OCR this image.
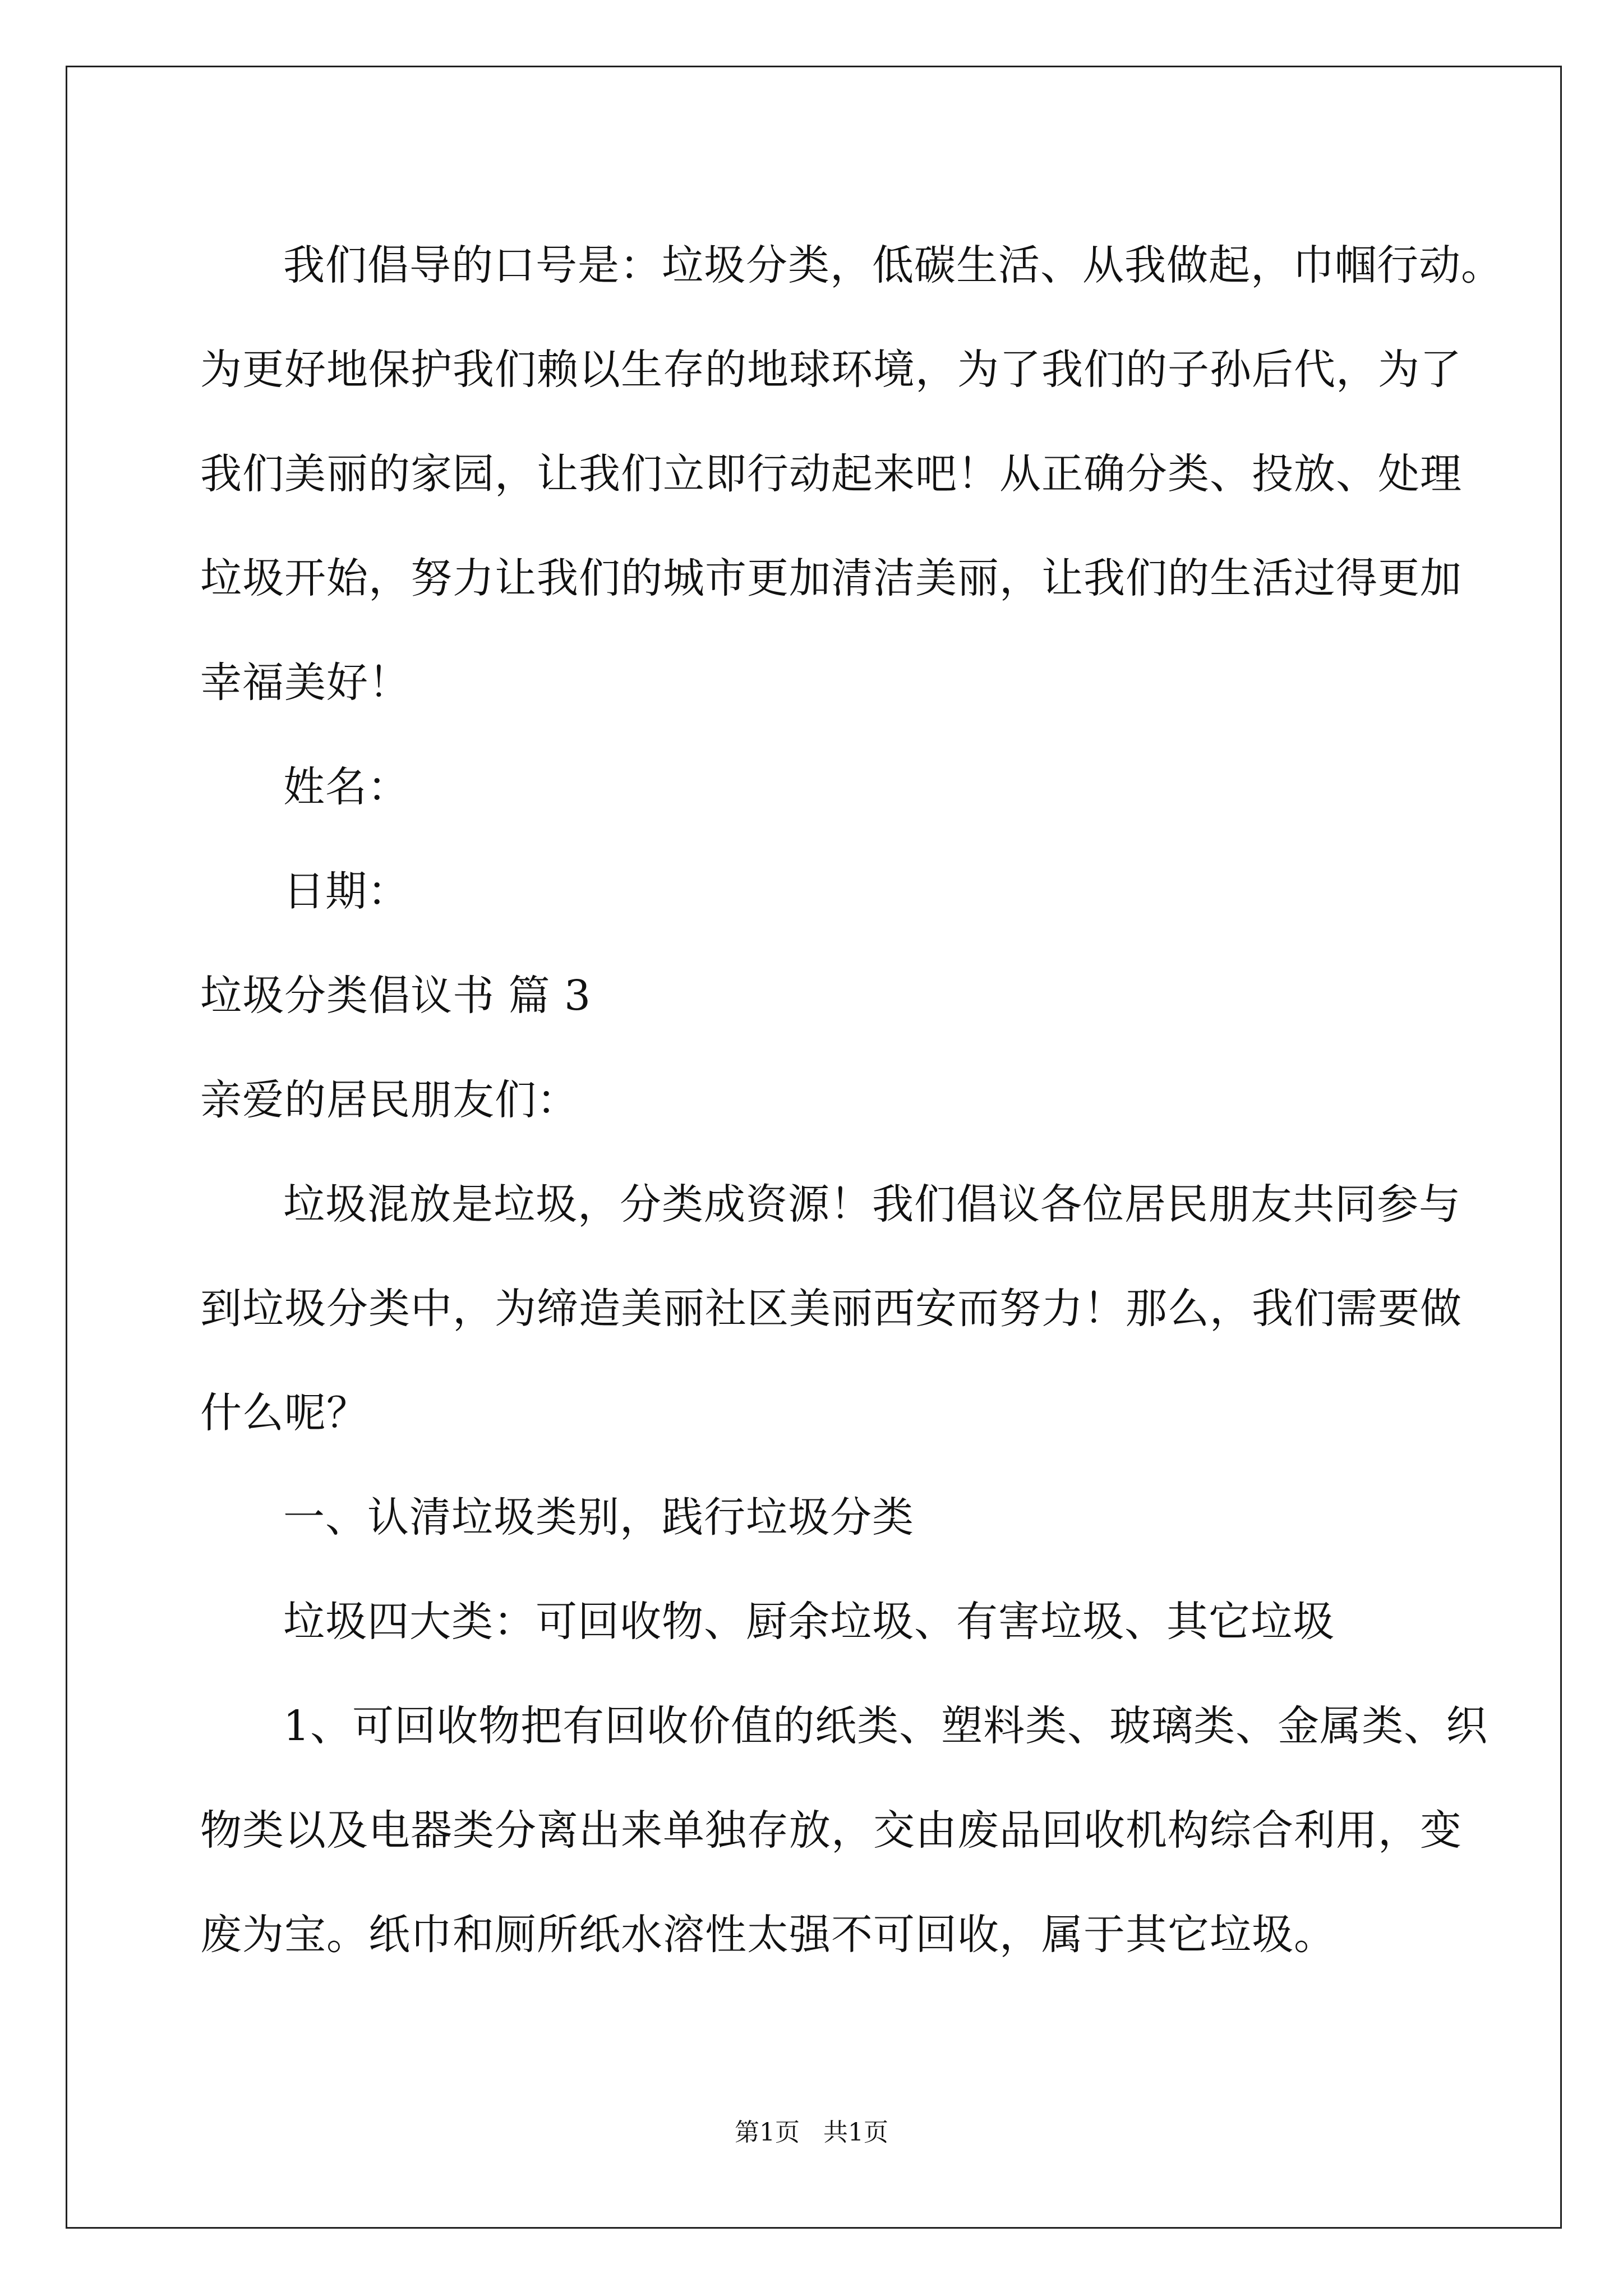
我们倡导的口号是：垃圾分类，低碳生活、从我做起，巾帼行动。
为更好地保护我们赖以生存的地球环境，为了我们的子孙后代，为了
我们美丽的家园，让我们立即行动起来吧！从正确分类、投放、处理
垃圾开始，努力让我们的城市更加清洁美丽，让我们的生活过得更加
幸福美好！
姓名：
日期：
垃圾分类倡议书 篇 3
亲爱的居民朋友们：
垃圾混放是垃圾，分类成资源！我们倡议各位居民朋友共同参与
到垃圾分类中，为缔造美丽社区美丽西安而努力！那么，我们需要做
什么呢？
一、认清垃圾类别，践行垃圾分类
垃圾四大类：可回收物、厨余垃圾、有害垃圾、其它垃圾
1、可回收物把有回收价值的纸类、塑料类、玻璃类、金属类、织
物类以及电器类分离出来单独存放，交由废品回收机构综合利用，变
废为宝。纸巾和厕所纸水溶性太强不可回收，属于其它垃圾。
第1页   共1页
